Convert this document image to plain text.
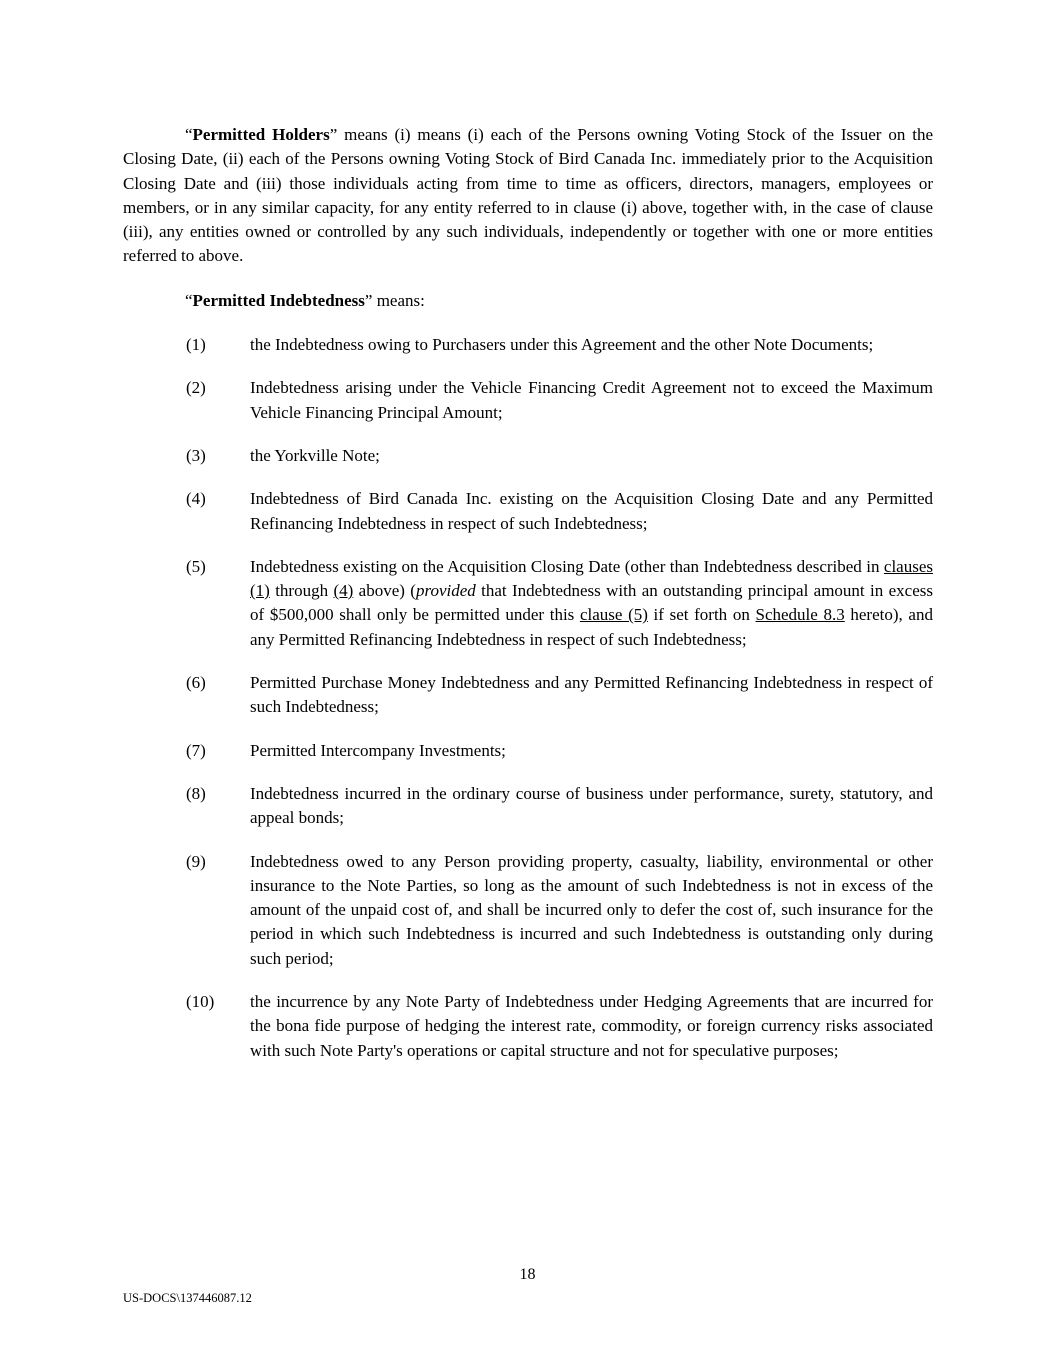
“Permitted Holders” means (i) means (i) each of the Persons owning Voting Stock of the Issuer on the Closing Date, (ii) each of the Persons owning Voting Stock of Bird Canada Inc. immediately prior to the Acquisition Closing Date and (iii) those individuals acting from time to time as officers, directors, managers, employees or members, or in any similar capacity, for any entity referred to in clause (i) above, together with, in the case of clause (iii), any entities owned or controlled by any such individuals, independently or together with one or more entities referred to above.

“Permitted Indebtedness” means:

(1)	the Indebtedness owing to Purchasers under this Agreement and the other Note Documents;
(2)	Indebtedness arising under the Vehicle Financing Credit Agreement not to exceed the Maximum Vehicle Financing Principal Amount;
(3)	the Yorkville Note;
(4)	Indebtedness of Bird Canada Inc. existing on the Acquisition Closing Date and any Permitted Refinancing Indebtedness in respect of such Indebtedness;
(5)	Indebtedness existing on the Acquisition Closing Date (other than Indebtedness described in clauses (1) through (4) above) (provided that Indebtedness with an outstanding principal amount in excess of $500,000 shall only be permitted under this clause (5) if set forth on Schedule 8.3 hereto), and any Permitted Refinancing Indebtedness in respect of such Indebtedness;
(6)	Permitted Purchase Money Indebtedness and any Permitted Refinancing Indebtedness in respect of such Indebtedness;
(7)	Permitted Intercompany Investments;
(8)	Indebtedness incurred in the ordinary course of business under performance, surety, statutory, and appeal bonds;
(9)	Indebtedness owed to any Person providing property, casualty, liability, environmental or other insurance to the Note Parties, so long as the amount of such Indebtedness is not in excess of the amount of the unpaid cost of, and shall be incurred only to defer the cost of, such insurance for the period in which such Indebtedness is incurred and such Indebtedness is outstanding only during such period;
(10)	the incurrence by any Note Party of Indebtedness under Hedging Agreements that are incurred for the bona fide purpose of hedging the interest rate, commodity, or foreign currency risks associated with such Note Party's operations or capital structure and not for speculative purposes;
18
US-DOCS\137446087.12
